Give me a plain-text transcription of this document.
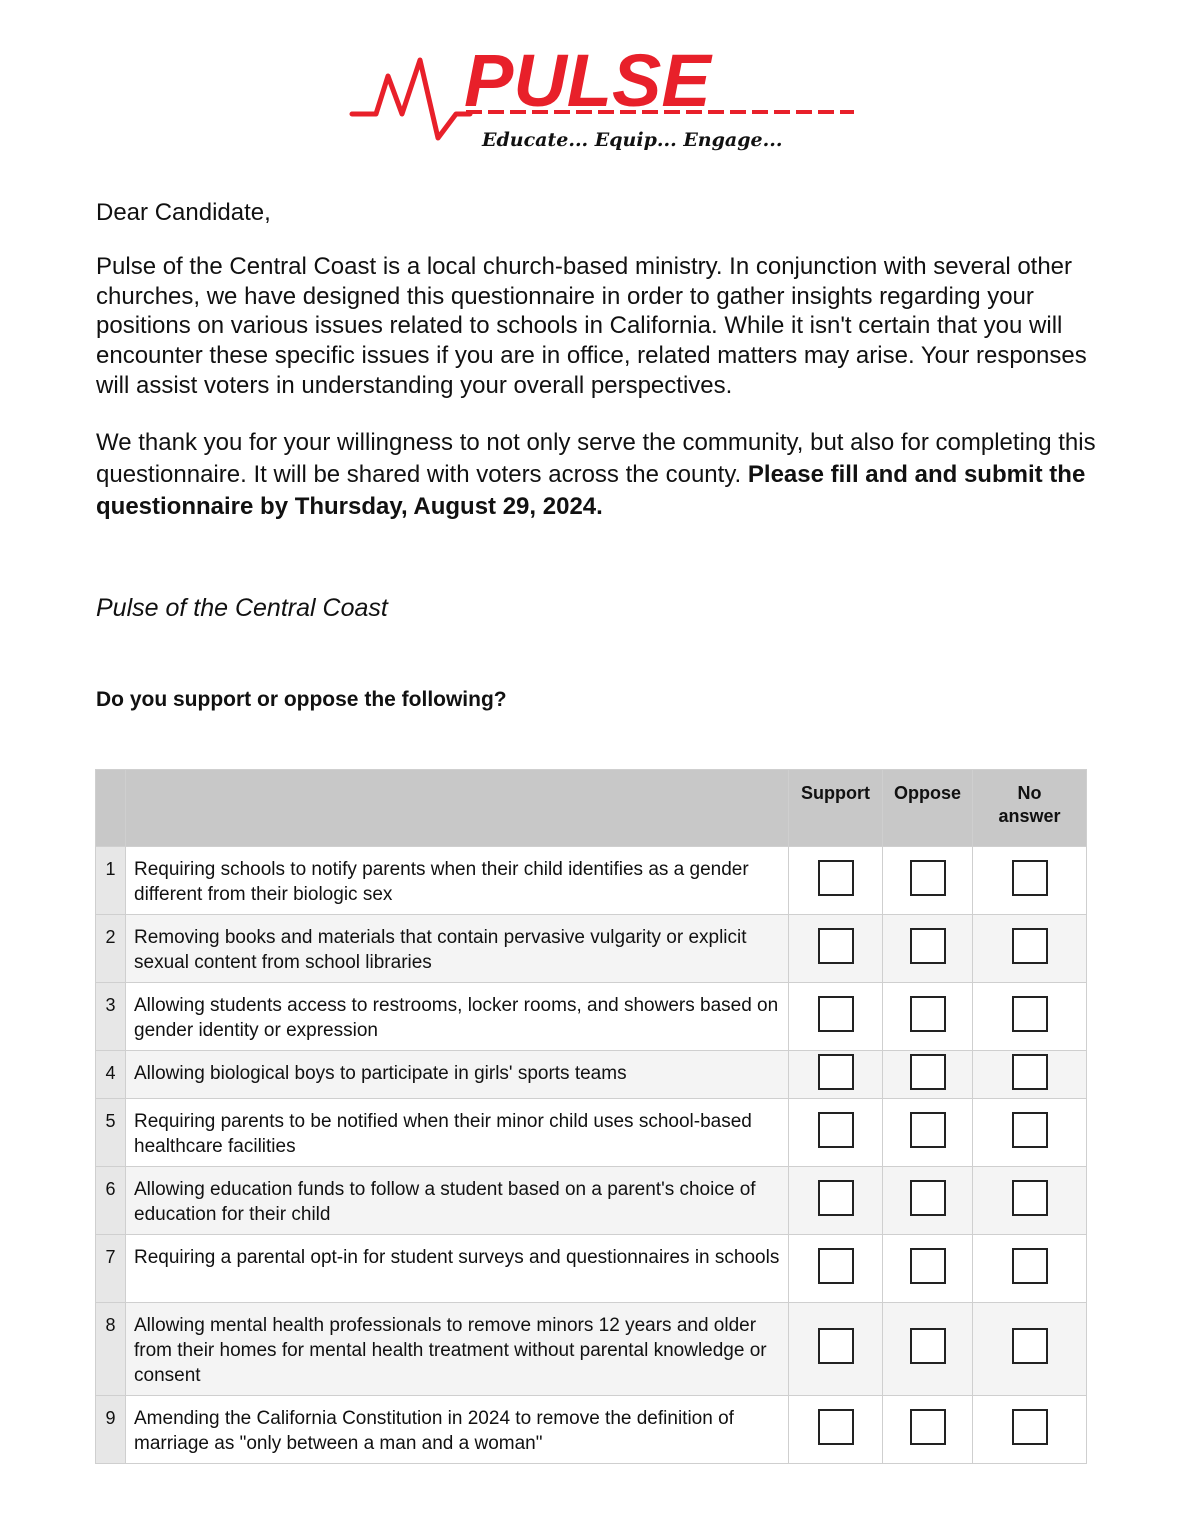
PULSE
Educate... Equip... Engage...

Dear Candidate,

Pulse of the Central Coast is a local church-based ministry. In conjunction with several other churches, we have designed this questionnaire in order to gather insights regarding your positions on various issues related to schools in California. While it isn't certain that you will encounter these specific issues if you are in office, related matters may arise. Your responses will assist voters in understanding your overall perspectives.

We thank you for your willingness to not only serve the community, but also for completing this questionnaire. It will be shared with voters across the county. Please fill and and submit the questionnaire by Thursday, August 29, 2024.

Pulse of the Central Coast
Do you support or oppose the following?
		Support	Oppose	No answer
1	Requiring schools to notify parents when their child identifies as a gender different from their biologic sex			
2	Removing books and materials that contain pervasive vulgarity or explicit sexual content from school libraries			
3	Allowing students access to restrooms, locker rooms, and showers based on gender identity or expression			
4	Allowing biological boys to participate in girls' sports teams			
5	Requiring parents to be notified when their minor child uses school-based healthcare facilities			
6	Allowing education funds to follow a student based on a parent's choice of education for their child			
7	Requiring a parental opt-in for student surveys and questionnaires in schools			
8	Allowing mental health professionals to remove minors 12 years and older from their homes for mental health treatment without parental knowledge or consent			
9	Amending the California Constitution in 2024 to remove the definition of marriage as "only between a man and a woman"			
